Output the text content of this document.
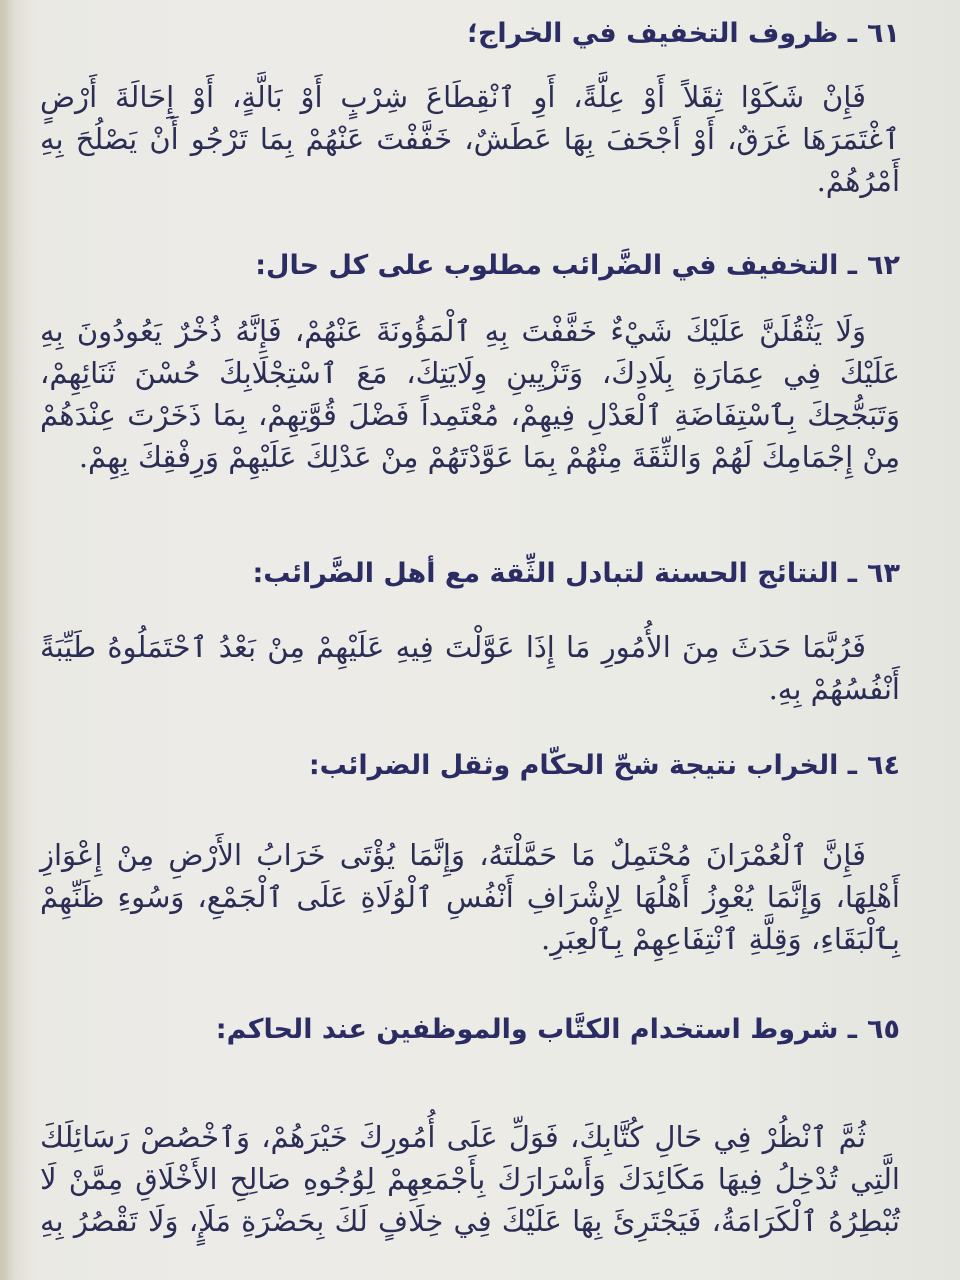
٦١ـ ظروف التخفيف في الخراج؛

فَإِنْ شَكَوْا ثِقَلاً أَوْ عِلَّةً، أَوِ ٱنْقِطَاعَ شِرْبٍ أَوْ بَالَّةٍ، أَوْ إِحَالَةَ أَرْضٍ
ٱغْتَمَرَهَا غَرَقٌ، أَوْ أَجْحَفَ بِهَا عَطَشٌ، خَفَّفْتَ عَنْهُمْ بِمَا تَرْجُو أَنْ يَصْلُحَ بِهِ
أَمْرُهُمْ.

٦٢ـ التخفيف في الضَّرائب مطلوب على كل حال:

وَلَا يَثْقُلَنَّ عَلَيْكَ شَيْءٌ خَفَّفْتَ بِهِ ٱلْمَؤُونَةَ عَنْهُمْ، فَإِنَّهُ ذُخْرٌ يَعُودُونَ بِهِ
عَلَيْكَ فِي عِمَارَةِ بِلَادِكَ، وَتَزْيِينِ وِلَايَتِكَ، مَعَ ٱسْتِجْلَابِكَ حُسْنَ ثَنَائِهِمْ،
وَتَبَجُّحِكَ بِٱسْتِفَاضَةِ ٱلْعَدْلِ فِيهِمْ، مُعْتَمِداً فَضْلَ قُوَّتِهِمْ، بِمَا ذَخَرْتَ عِنْدَهُمْ
مِنْ إِجْمَامِكَ لَهُمْ وَالثِّقَةَ مِنْهُمْ بِمَا عَوَّدْتَهُمْ مِنْ عَدْلِكَ عَلَيْهِمْ وَرِفْقِكَ بِهِمْ.

٦٣ـ النتائج الحسنة لتبادل الثِّقة مع أهل الضَّرائب:

فَرُبَّمَا حَدَثَ مِنَ الأُمُورِ مَا إِذَا عَوَّلْتَ فِيهِ عَلَيْهِمْ مِنْ بَعْدُ ٱحْتَمَلُوهُ طَيِّبَةً
أَنْفُسُهُمْ بِهِ.

٦٤ـ الخراب نتيجة شحّ الحكّام وثقل الضرائب:

فَإِنَّ ٱلْعُمْرَانَ مُحْتَمِلٌ مَا حَمَّلْتَهُ، وَإِنَّمَا يُؤْتَى خَرَابُ الأَرْضِ مِنْ إِعْوَازِ
أَهْلِهَا، وَإِنَّمَا يُعْوِزُ أَهْلُهَا لِإِشْرَافِ أَنْفُسِ ٱلْوُلَاةِ عَلَى ٱلْجَمْعِ، وَسُوءِ ظَنِّهِمْ
بِٱلْبَقَاءِ، وَقِلَّةِ ٱنْتِفَاعِهِمْ بِٱلْعِبَرِ.

٦٥ـ شروط استخدام الكتَّاب والموظفين عند الحاكم:

ثُمَّ ٱنْظُرْ فِي حَالِ كُتَّابِكَ، فَوَلِّ عَلَى أُمُورِكَ خَيْرَهُمْ، وَٱخْصُصْ رَسَائِلَكَ
الَّتِي تُدْخِلُ فِيهَا مَكَائِدَكَ وَأَسْرَارَكَ بِأَجْمَعِهِمْ لِوُجُوهِ صَالِحِ الأَخْلَاقِ مِمَّنْ لَا
تُبْطِرُهُ ٱلْكَرَامَةُ، فَيَجْتَرِئَ بِهَا عَلَيْكَ فِي خِلَافٍ لَكَ بِحَضْرَةِ مَلَإٍ، وَلَا تَقْصُرُ بِهِ
